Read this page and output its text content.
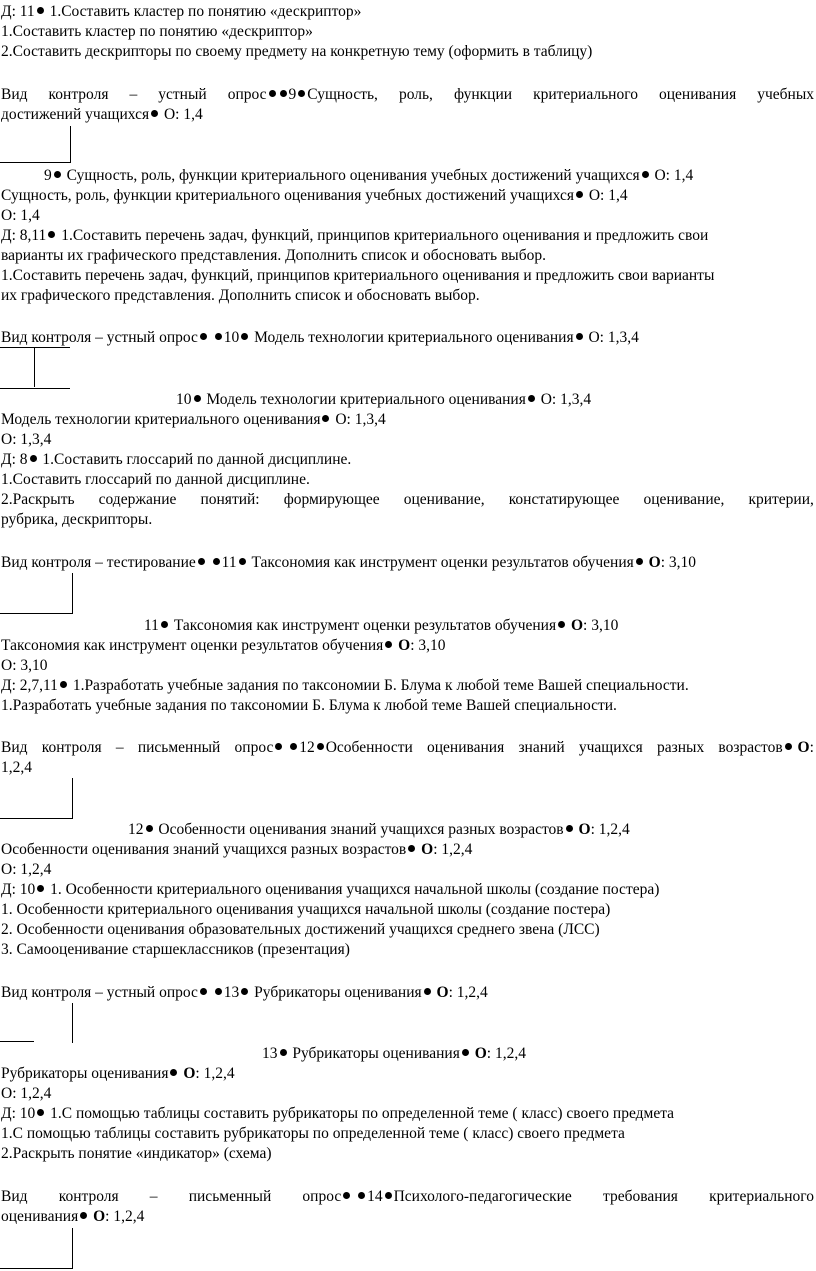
Д: 11 1.Составить кластер по понятию «дескриптор»
1.Составить кластер по понятию «дескриптор»
2.Составить дескрипторы по своему предмету на конкретную тему (оформить в таблицу)
Вид контроля – устный опрос 9 Сущность, роль, функции критериального оценивания учебных
достижений учащихся О: 1,4
9 Сущность, роль, функции критериального оценивания учебных достижений учащихся О: 1,4
Сущность, роль, функции критериального оценивания учебных достижений учащихся О: 1,4
О: 1,4
Д: 8,11 1.Составить перечень задач, функций, принципов критериального оценивания и предложить свои
варианты их графического представления. Дополнить список и обосновать выбор.
1.Составить перечень задач, функций, принципов критериального оценивания и предложить свои варианты
их графического представления. Дополнить список и обосновать выбор.
Вид контроля – устный опрос 10 Модель технологии критериального оценивания О: 1,3,4
10 Модель технологии критериального оценивания О: 1,3,4
Модель технологии критериального оценивания О: 1,3,4
О: 1,3,4
Д: 8 1.Составить глоссарий по данной дисциплине.
1.Составить глоссарий по данной дисциплине.
2.Раскрыть содержание понятий: формирующее оценивание, констатирующее оценивание, критерии,
рубрика, дескрипторы.
Вид контроля – тестирование 11 Таксономия как инструмент оценки результатов обучения О: 3,10
11 Таксономия как инструмент оценки результатов обучения О: 3,10
Таксономия как инструмент оценки результатов обучения О: 3,10
О: 3,10
Д: 2,7,11 1.Разработать учебные задания по таксономии Б. Блума к любой теме Вашей специальности.
1.Разработать учебные задания по таксономии Б. Блума к любой теме Вашей специальности.
Вид контроля – письменный опрос 12 Особенности оценивания знаний учащихся разных возрастов О:
1,2,4
12 Особенности оценивания знаний учащихся разных возрастов О: 1,2,4
Особенности оценивания знаний учащихся разных возрастов О: 1,2,4
О: 1,2,4
Д: 10 1. Особенности критериального оценивания учащихся начальной школы (создание постера)
1. Особенности критериального оценивания учащихся начальной школы (создание постера)
2. Особенности оценивания образовательных достижений учащихся среднего звена (ЛСС)
3. Самооценивание старшеклассников (презентация)
Вид контроля – устный опрос 13 Рубрикаторы оценивания О: 1,2,4
13 Рубрикаторы оценивания О: 1,2,4
Рубрикаторы оценивания О: 1,2,4
О: 1,2,4
Д: 10 1.С помощью таблицы составить рубрикаторы по определенной теме ( класс) своего предмета
1.С помощью таблицы составить рубрикаторы по определенной теме ( класс) своего предмета
2.Раскрыть понятие «индикатор» (схема)
Вид контроля – письменный опрос 14 Психолого-педагогические требования критериального
оценивания О: 1,2,4
